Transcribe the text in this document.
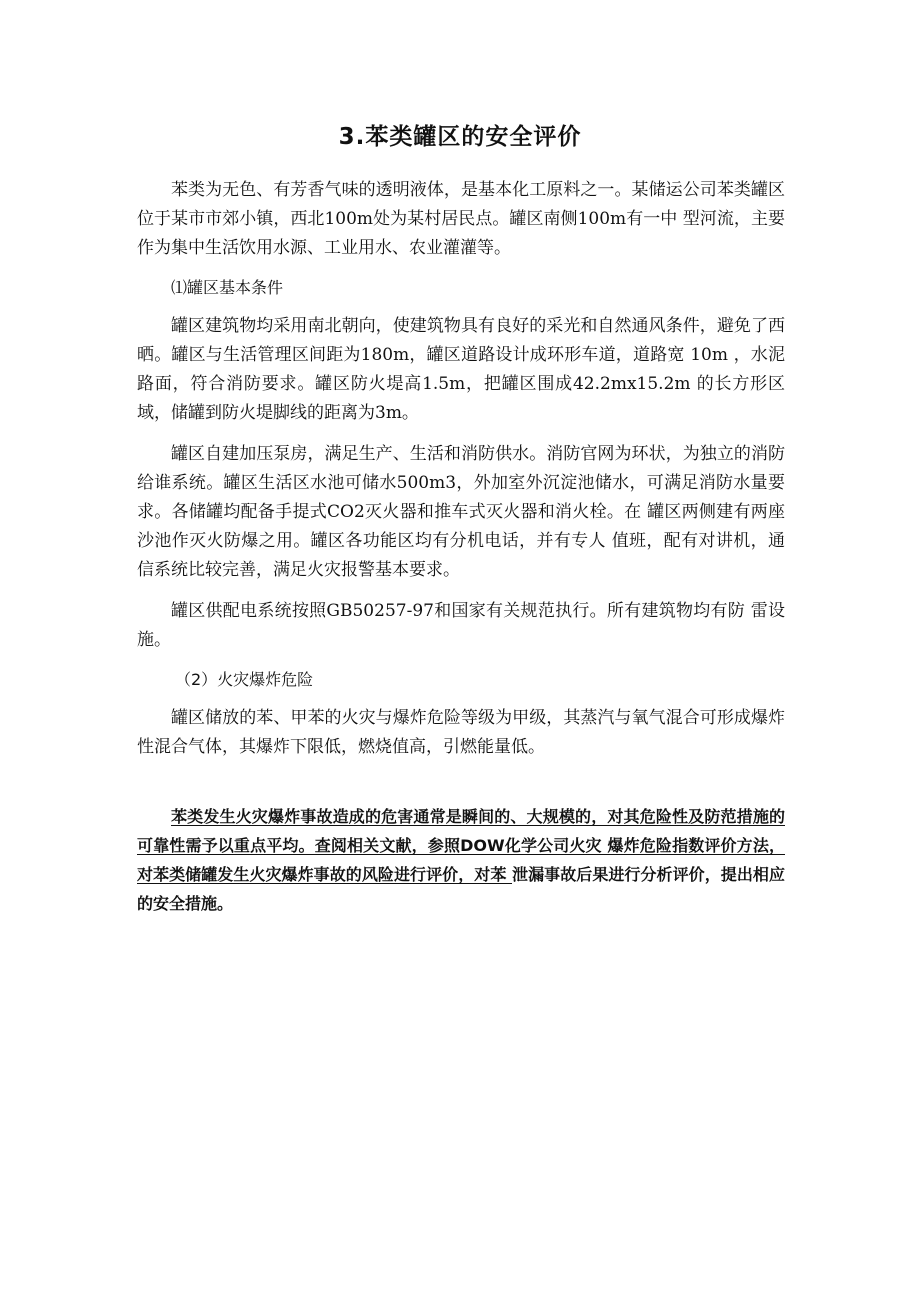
3.苯类罐区的安全评价

苯类为无色、有芳香气味的透明液体，是基本化工原料之一。某储运公司苯类罐区位于某市市郊小镇，西北100m处为某村居民点。罐区南侧100m有一中 型河流，主要作为集中生活饮用水源、工业用水、农业灌灌等。

⑴罐区基本条件

罐区建筑物均采用南北朝向，使建筑物具有良好的采光和自然通风条件，避免了西晒。罐区与生活管理区间距为180m，罐区道路设计成环形车道，道路宽 10m ，水泥路面，符合消防要求。罐区防火堤高1.5m，把罐区围成42.2mx15.2m 的长方形区域，储罐到防火堤脚线的距离为3m。

罐区自建加压泵房，满足生产、生活和消防供水。消防官网为环状，为独立的消防给谁系统。罐区生活区水池可储水500m3，外加室外沉淀池储水，可满足消防水量要求。各储罐均配备手提式CO2灭火器和推车式灭火器和消火栓。在 罐区两侧建有两座沙池作灭火防爆之用。罐区各功能区均有分机电话，并有专人 值班，配有对讲机，通信系统比较完善，满足火灾报警基本要求。

罐区供配电系统按照GB50257-97和国家有关规范执行。所有建筑物均有防 雷设施。

（2）火灾爆炸危险

罐区储放的苯、甲苯的火灾与爆炸危险等级为甲级，其蒸汽与氧气混合可形成爆炸性混合气体，其爆炸下限低，燃烧值高，引燃能量低。

苯类发生火灾爆炸事故造成的危害通常是瞬间的、大规模的，对其危险性及防范措施的可靠性需予以重点平均。查阅相关文献，参照DOW化学公司火灾 爆炸危险指数评价方法，对苯类储罐发生火灾爆炸事故的风险进行评价，对苯 泄漏事故后果进行分析评价，提出相应的安全措施。
